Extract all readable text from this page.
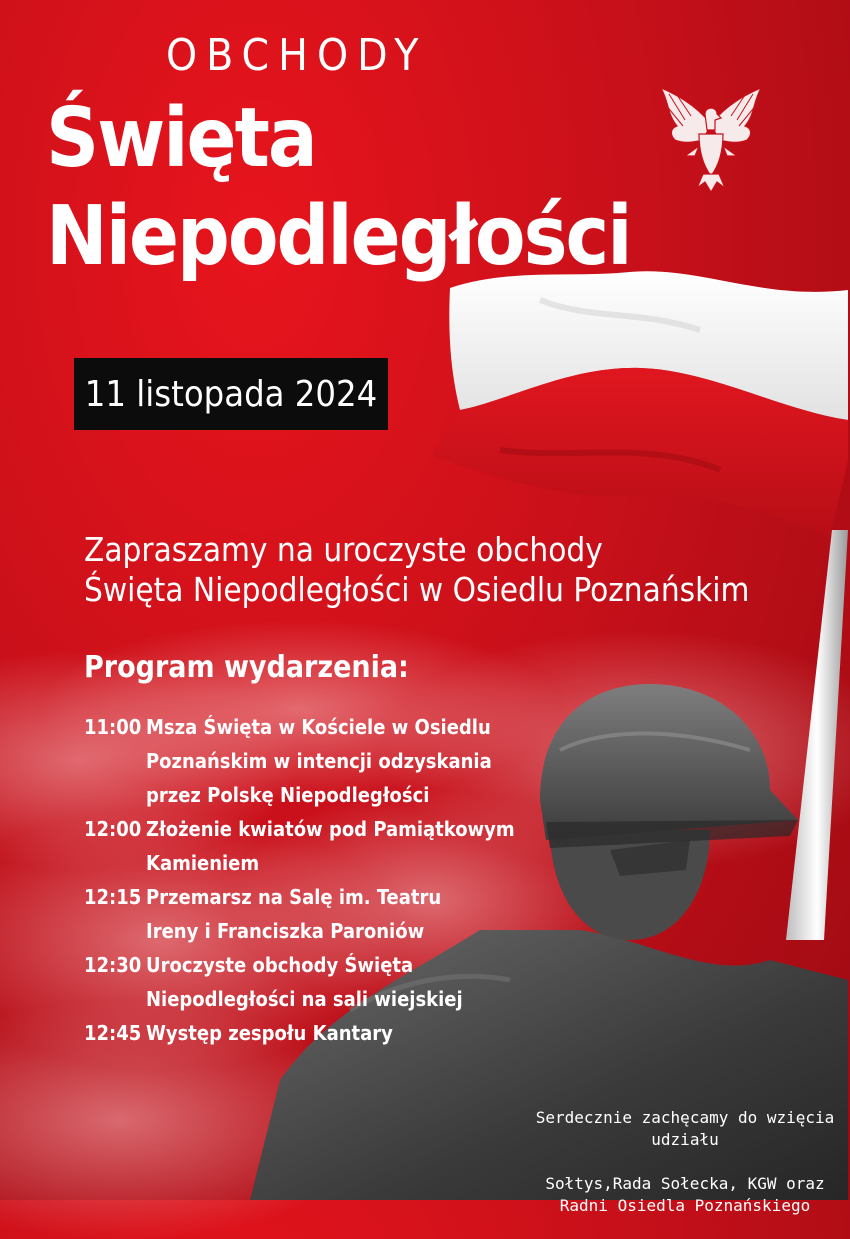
OBCHODY
Święta
Niepodległości
11 listopada 2024
Zapraszamy na uroczyste obchody
Święta Niepodległości w Osiedlu Poznańskim
Program wydarzenia:
11:00 Msza Święta w Kościele w Osiedlu
Poznańskim w intencji odzyskania
przez Polskę Niepodległości
12:00 Złożenie kwiatów pod Pamiątkowym
Kamieniem
12:15 Przemarsz na Salę im. Teatru
Ireny i Franciszka Paroniów
12:30 Uroczyste obchody Święta
Niepodległości na sali wiejskiej
12:45 Występ zespołu Kantary

Serdecznie zachęcamy do wzięcia
udziału

Sołtys,Rada Sołecka, KGW oraz
Radni Osiedla Poznańskiego
